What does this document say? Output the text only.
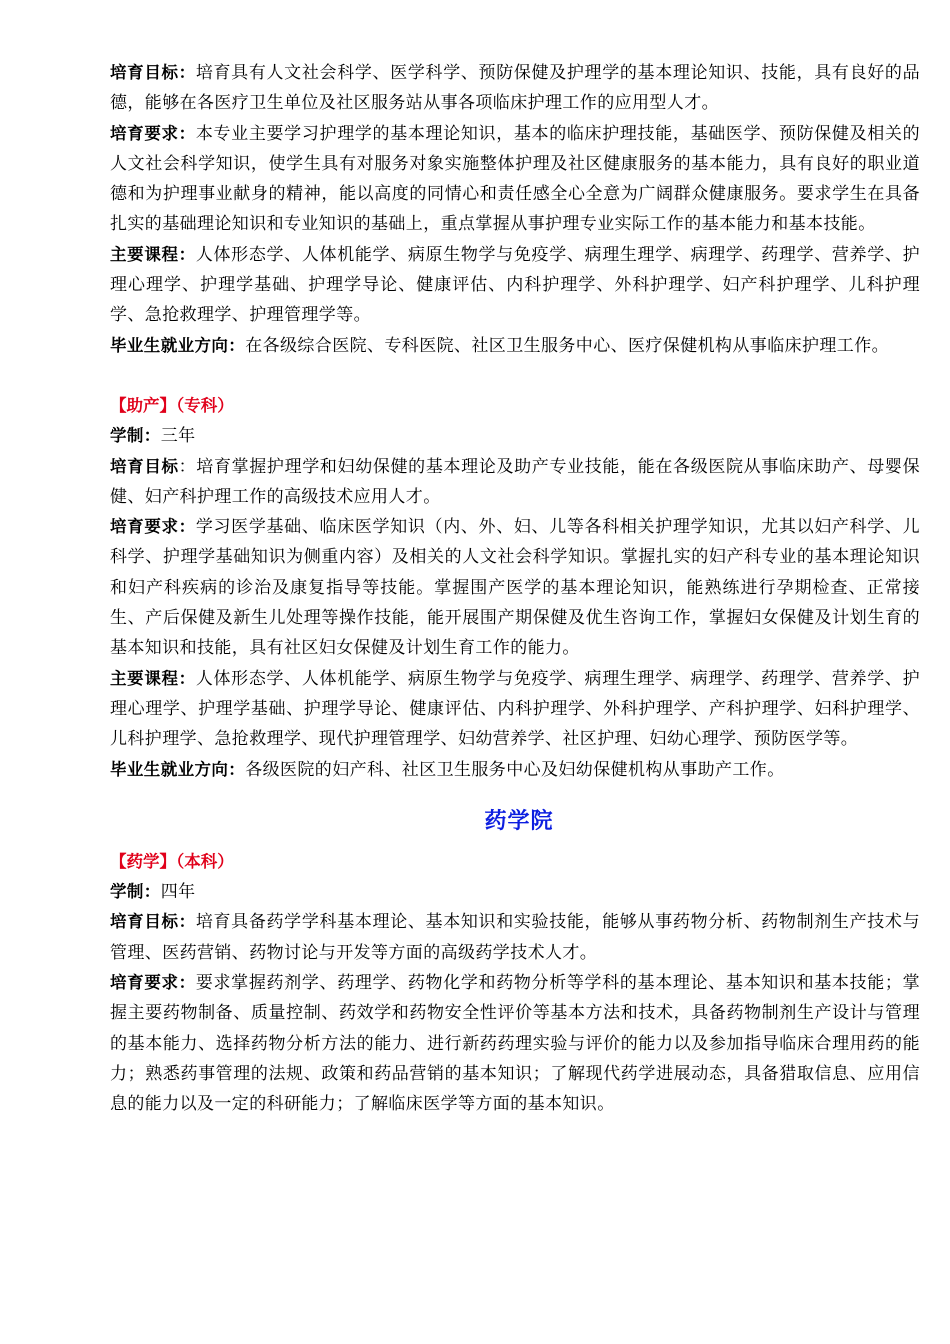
培育目标：培育具有人文社会科学、医学科学、预防保健及护理学的基本理论知识、技能，具有良好的品德，能够在各医疗卫生单位及社区服务站从事各项临床护理工作的应用型人才。

培育要求：本专业主要学习护理学的基本理论知识，基本的临床护理技能，基础医学、预防保健及相关的人文社会科学知识，使学生具有对服务对象实施整体护理及社区健康服务的基本能力，具有良好的职业道德和为护理事业献身的精神，能以高度的同情心和责任感全心全意为广阔群众健康服务。要求学生在具备扎实的基础理论知识和专业知识的基础上，重点掌握从事护理专业实际工作的基本能力和基本技能。

主要课程：人体形态学、人体机能学、病原生物学与免疫学、病理生理学、病理学、药理学、营养学、护理心理学、护理学基础、护理学导论、健康评估、内科护理学、外科护理学、妇产科护理学、儿科护理学、急抢救理学、护理管理学等。

毕业生就业方向：在各级综合医院、专科医院、社区卫生服务中心、医疗保健机构从事临床护理工作。

【助产】（专科）

学制：三年

培育目标：培育掌握护理学和妇幼保健的基本理论及助产专业技能，能在各级医院从事临床助产、母婴保健、妇产科护理工作的高级技术应用人才。

培育要求：学习医学基础、临床医学知识（内、外、妇、儿等各科相关护理学知识，尤其以妇产科学、儿科学、护理学基础知识为侧重内容）及相关的人文社会科学知识。掌握扎实的妇产科专业的基本理论知识和妇产科疾病的诊治及康复指导等技能。掌握围产医学的基本理论知识，能熟练进行孕期检查、正常接生、产后保健及新生儿处理等操作技能，能开展围产期保健及优生咨询工作，掌握妇女保健及计划生育的基本知识和技能，具有社区妇女保健及计划生育工作的能力。

主要课程：人体形态学、人体机能学、病原生物学与免疫学、病理生理学、病理学、药理学、营养学、护理心理学、护理学基础、护理学导论、健康评估、内科护理学、外科护理学、产科护理学、妇科护理学、儿科护理学、急抢救理学、现代护理管理学、妇幼营养学、社区护理、妇幼心理学、预防医学等。

毕业生就业方向：各级医院的妇产科、社区卫生服务中心及妇幼保健机构从事助产工作。

药学院

【药学】（本科）

学制：四年

培育目标：培育具备药学学科基本理论、基本知识和实验技能，能够从事药物分析、药物制剂生产技术与管理、医药营销、药物讨论与开发等方面的高级药学技术人才。

培育要求：要求掌握药剂学、药理学、药物化学和药物分析等学科的基本理论、基本知识和基本技能；掌握主要药物制备、质量控制、药效学和药物安全性评价等基本方法和技术，具备药物制剂生产设计与管理的基本能力、选择药物分析方法的能力、进行新药药理实验与评价的能力以及参加指导临床合理用药的能力；熟悉药事管理的法规、政策和药品营销的基本知识；了解现代药学进展动态，具备猎取信息、应用信息的能力以及一定的科研能力；了解临床医学等方面的基本知识。
